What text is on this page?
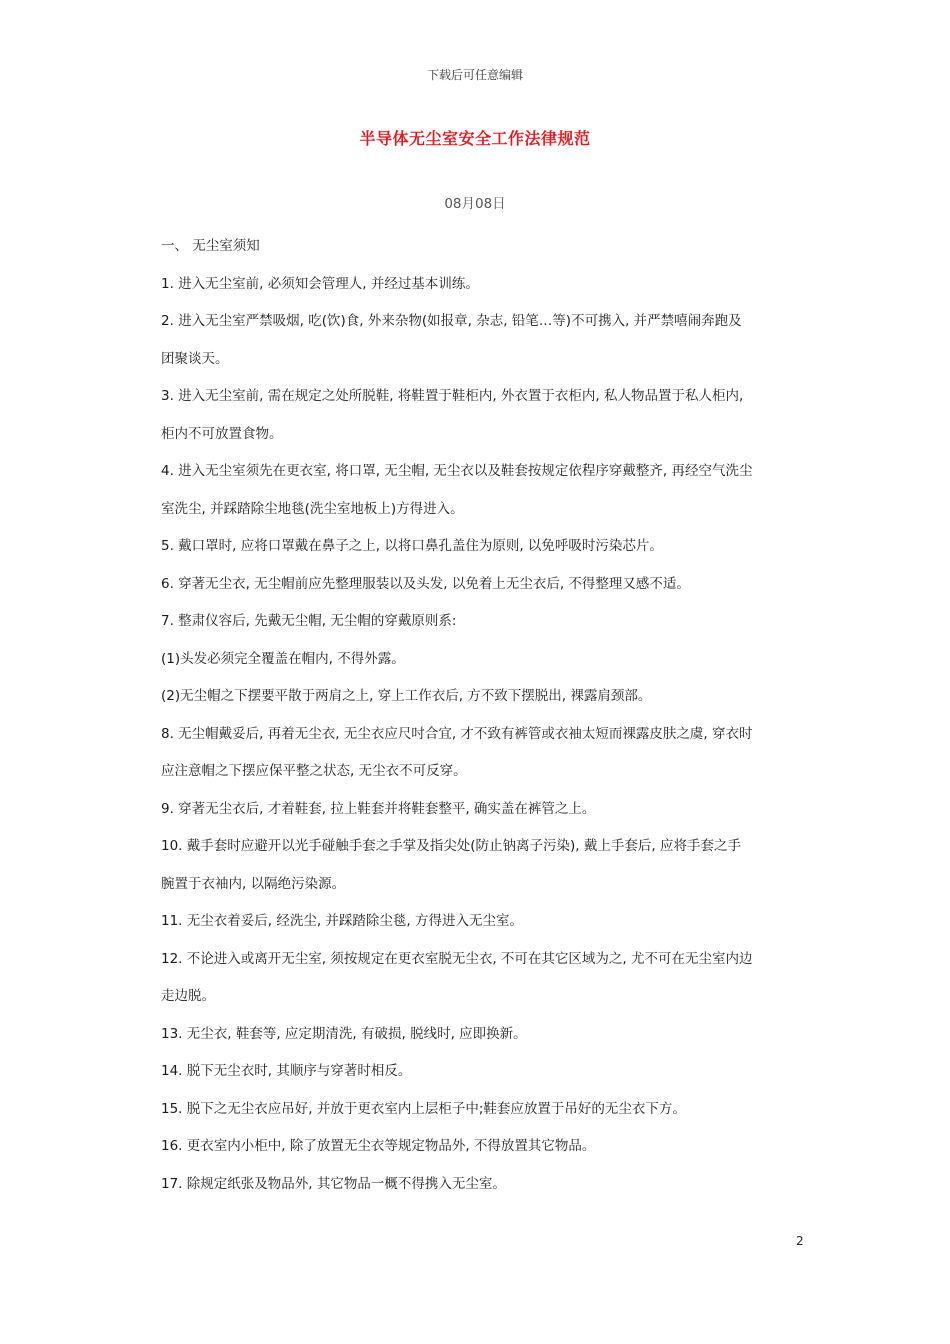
下载后可任意编辑
半导体无尘室安全工作法律规范
08月08日

一、 无尘室须知

1. 进入无尘室前, 必须知会管理人, 并经过基本训练。

2. 进入无尘室严禁吸烟, 吃(饮)食, 外来杂物(如报章, 杂志, 铅笔…等)不可携入, 并严禁嘻闹奔跑及

团聚谈天。

3. 进入无尘室前, 需在规定之处所脱鞋, 将鞋置于鞋柜内, 外衣置于衣柜内, 私人物品置于私人柜内,

柜内不可放置食物。

4. 进入无尘室须先在更衣室, 将口罩, 无尘帽, 无尘衣以及鞋套按规定依程序穿戴整齐, 再经空气洗尘

室洗尘, 并踩踏除尘地毯(洗尘室地板上)方得进入。

5. 戴口罩时, 应将口罩戴在鼻子之上, 以将口鼻孔盖住为原则, 以免呼吸时污染芯片。

6. 穿著无尘衣, 无尘帽前应先整理服装以及头发, 以免着上无尘衣后, 不得整理又感不适。

7. 整肃仪容后, 先戴无尘帽, 无尘帽的穿戴原则系:

(1)头发必须完全覆盖在帽内, 不得外露。

(2)无尘帽之下摆要平散于两肩之上, 穿上工作衣后, 方不致下摆脱出, 裸露肩颈部。

8. 无尘帽戴妥后, 再着无尘衣, 无尘衣应尺吋合宜, 才不致有裤管或衣袖太短而裸露皮肤之虞, 穿衣时

应注意帽之下摆应保平整之状态, 无尘衣不可反穿。

9. 穿著无尘衣后, 才着鞋套, 拉上鞋套并将鞋套整平, 确实盖在裤管之上。

10. 戴手套时应避开以光手碰触手套之手掌及指尖处(防止钠离子污染), 戴上手套后, 应将手套之手

腕置于衣袖内, 以隔绝污染源。

11. 无尘衣着妥后, 经洗尘, 并踩踏除尘毯, 方得进入无尘室。

12. 不论进入或离开无尘室, 须按规定在更衣室脱无尘衣, 不可在其它区域为之, 尤不可在无尘室内边

走边脱。

13. 无尘衣, 鞋套等, 应定期清洗, 有破损, 脱线时, 应即换新。

14. 脱下无尘衣时, 其顺序与穿著时相反。

15. 脱下之无尘衣应吊好, 并放于更衣室内上层柜子中;鞋套应放置于吊好的无尘衣下方。

16. 更衣室内小柜中, 除了放置无尘衣等规定物品外, 不得放置其它物品。

17. 除规定纸张及物品外, 其它物品一概不得携入无尘室。

2
